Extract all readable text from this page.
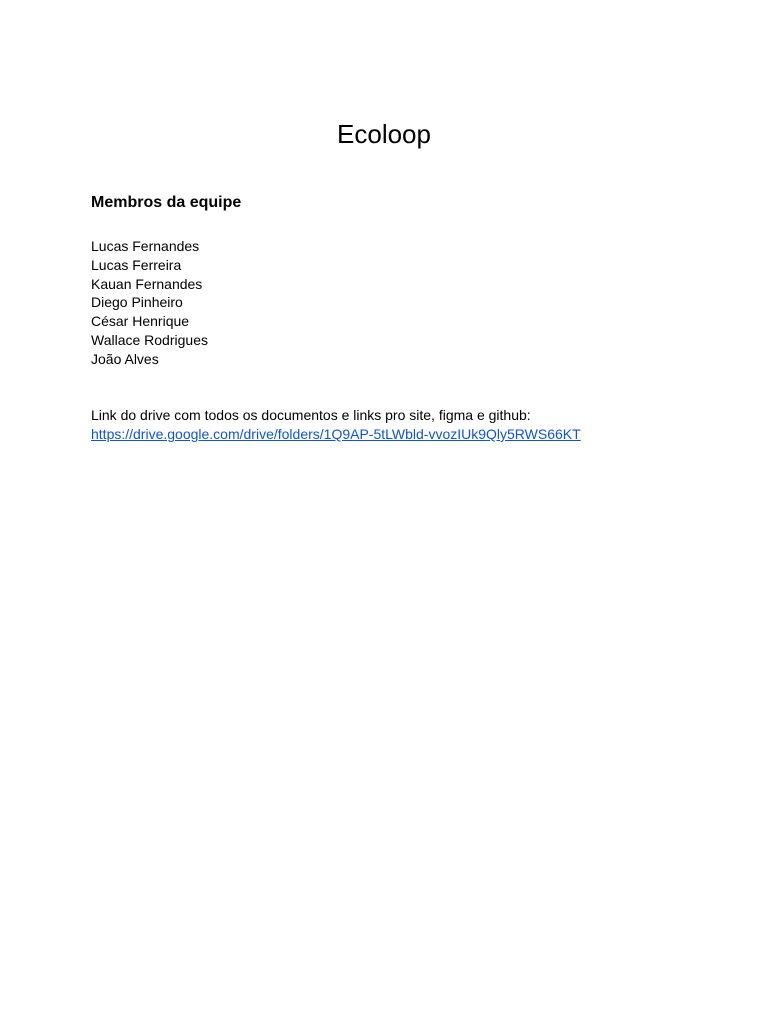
Ecoloop
Membros da equipe
Lucas Fernandes
Lucas Ferreira
Kauan Fernandes
Diego Pinheiro
César Henrique
Wallace Rodrigues
João Alves
Link do drive com todos os documentos e links pro site, figma e github:
https://drive.google.com/drive/folders/1Q9AP-5tLWbld-vvozIUk9Qly5RWS66KT
